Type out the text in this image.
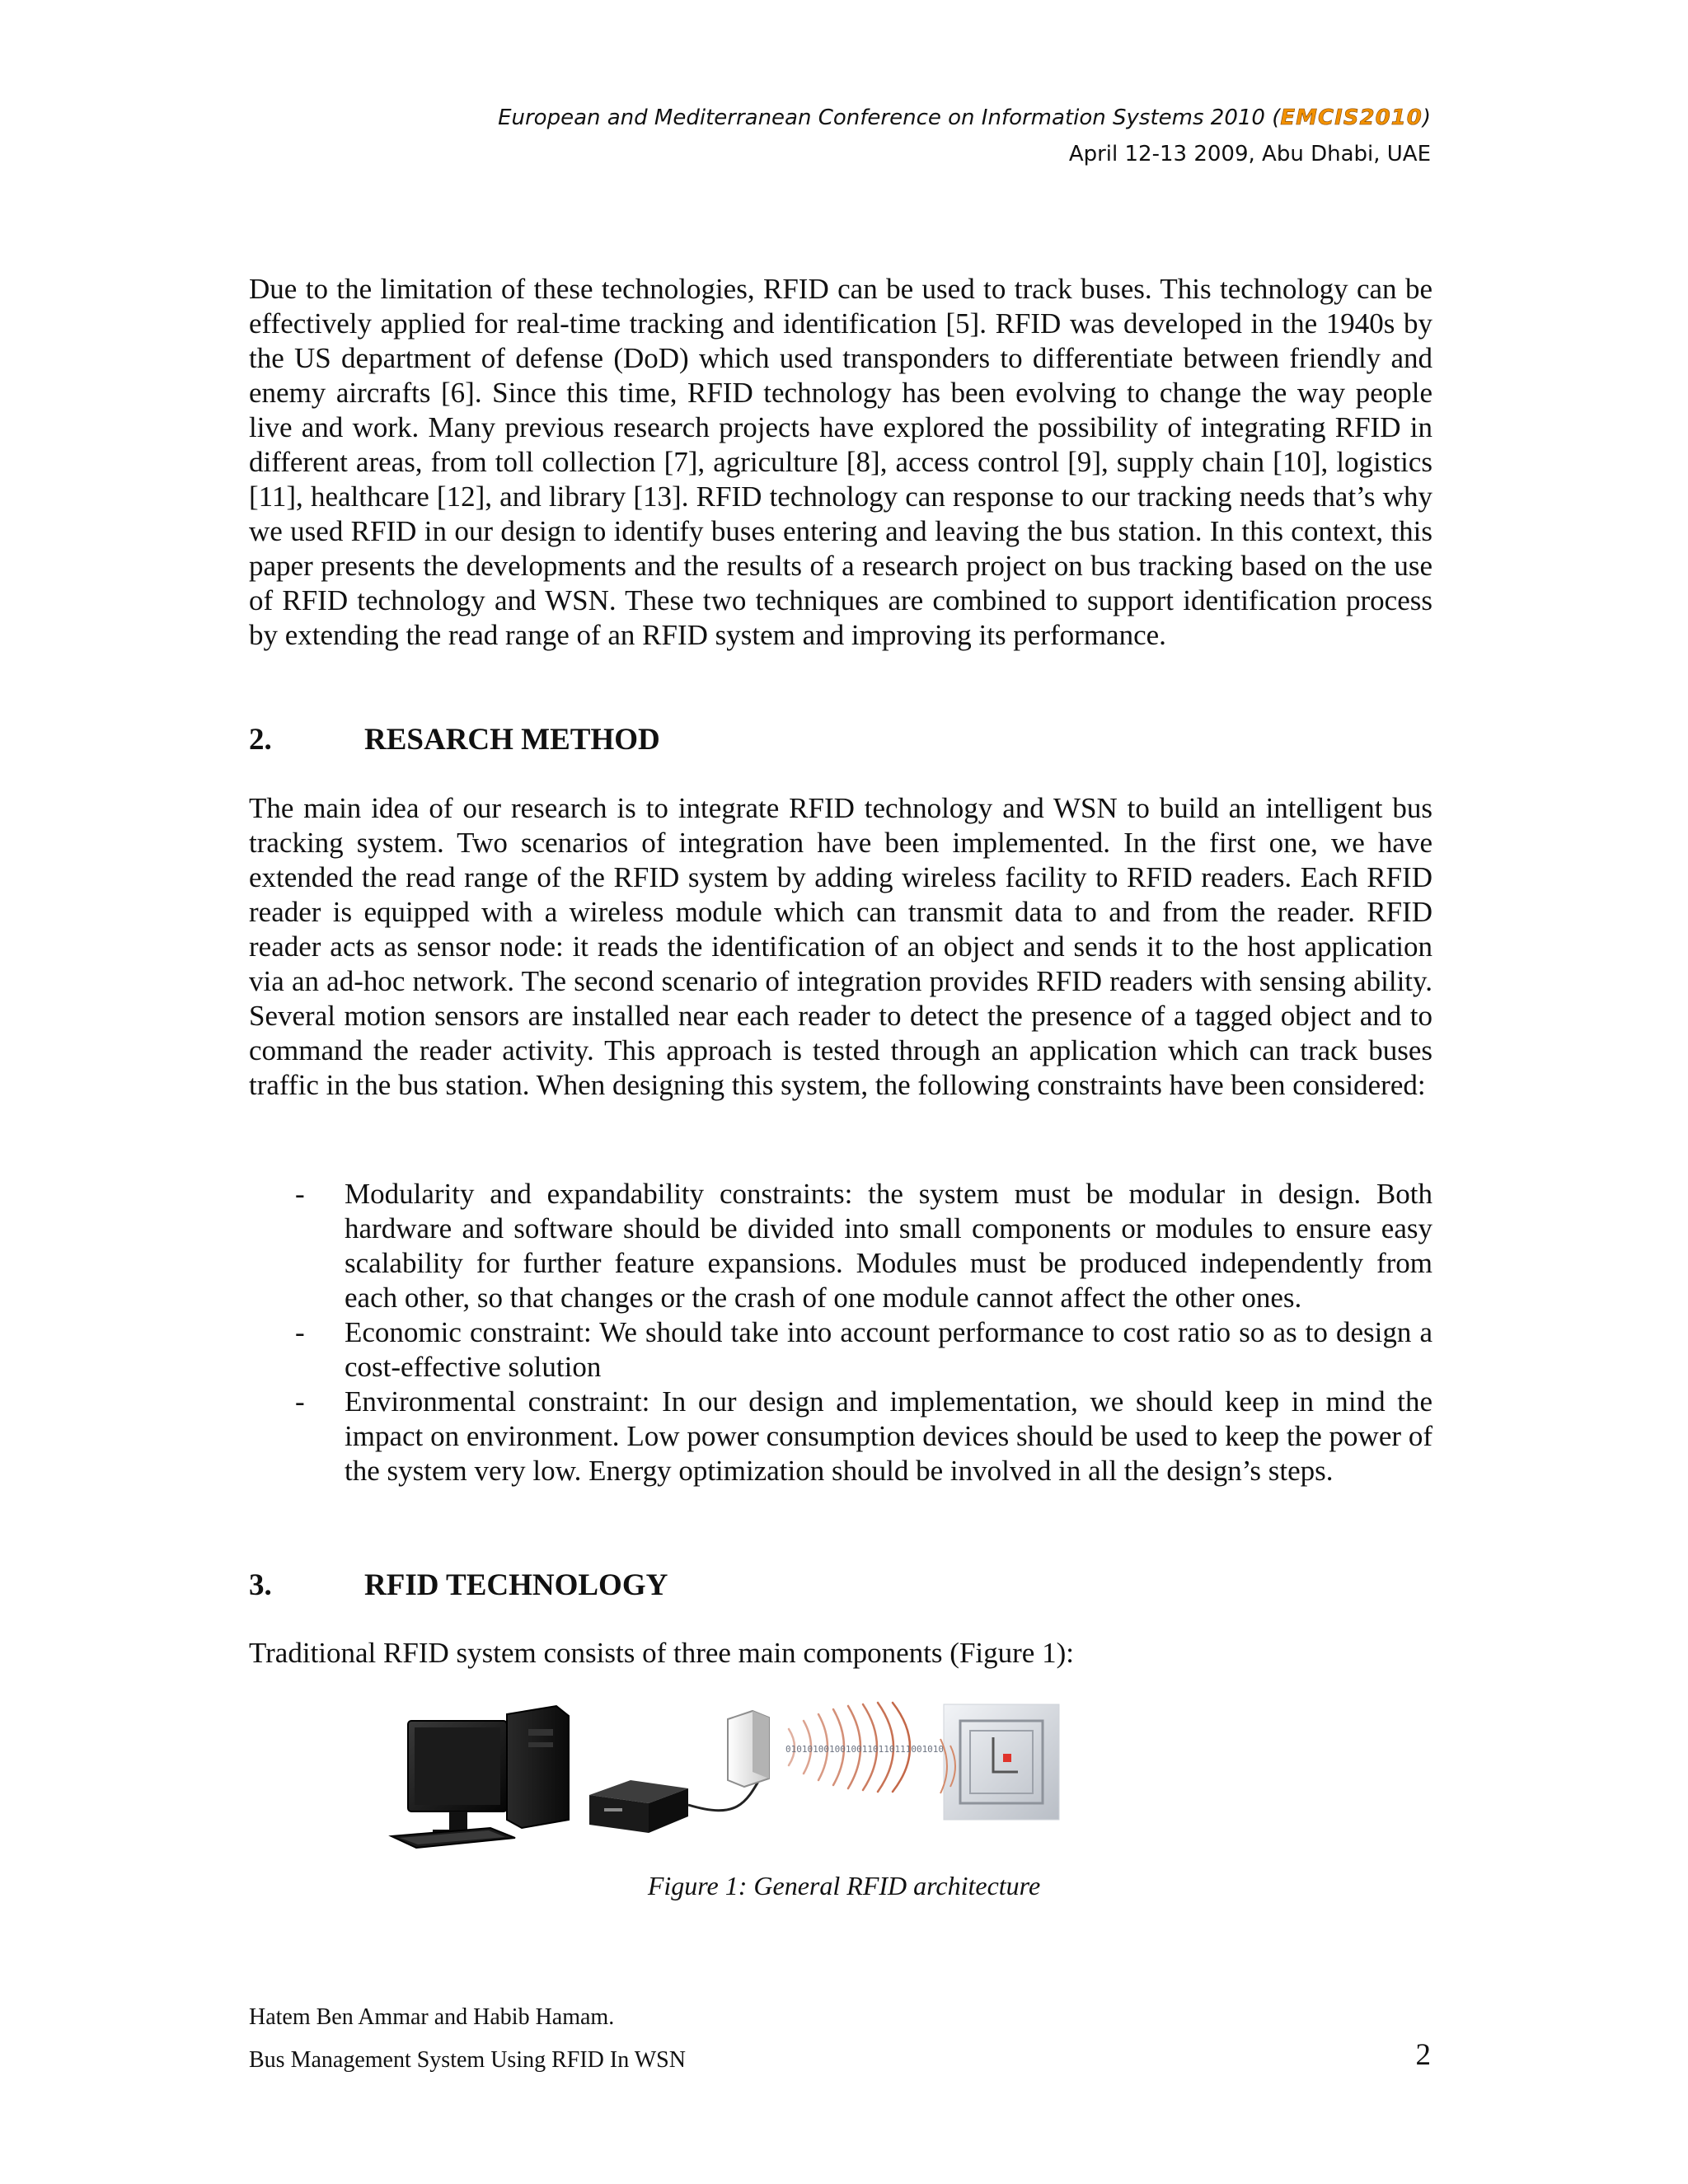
European and Mediterranean Conference on Information Systems 2010 (EMCIS2010)
April 12-13 2009, Abu Dhabi, UAE

Due to the limitation of these technologies, RFID can be used to track buses. This technology can be effectively applied for real-time tracking and identification [5]. RFID was developed in the 1940s by the US department of defense (DoD) which used transponders to differentiate between friendly and enemy aircrafts [6]. Since this time, RFID technology has been evolving to change the way people live and work. Many previous research projects have explored the possibility of integrating RFID in different areas, from toll collection [7], agriculture [8], access control [9], supply chain [10], logistics [11], healthcare [12], and library [13]. RFID technology can response to our tracking needs that’s why we used RFID in our design to identify buses entering and leaving the bus station. In this context, this paper presents the developments and the results of a research project on bus tracking based on the use of RFID technology and WSN. These two techniques are combined to support identification process by extending the read range of an RFID system and improving its performance.

2.	RESARCH METHOD

The main idea of our research is to integrate RFID technology and WSN to build an intelligent bus tracking system. Two scenarios of integration have been implemented. In the first one, we have extended the read range of the RFID system by adding wireless facility to RFID readers. Each RFID reader is equipped with a wireless module which can transmit data to and from the reader. RFID reader acts as sensor node: it reads the identification of an object and sends it to the host application via an ad-hoc network. The second scenario of integration provides RFID readers with sensing ability. Several motion sensors are installed near each reader to detect the presence of a tagged object and to command the reader activity. This approach is tested through an application which can track buses traffic in the bus station. When designing this system, the following constraints have been considered:

- Modularity and expandability constraints: the system must be modular in design. Both hardware and software should be divided into small components or modules to ensure easy scalability for further feature expansions. Modules must be produced independently from each other, so that changes or the crash of one module cannot affect the other ones.
- Economic constraint: We should take into account performance to cost ratio so as to design a cost-effective solution
- Environmental constraint: In our design and implementation, we should keep in mind the impact on environment. Low power consumption devices should be used to keep the power of the system very low. Energy optimization should be involved in all the design’s steps.
3.	RFID TECHNOLOGY

Traditional RFID system consists of three main components (Figure 1):

01010100100100110110111001010
Figure 1: General RFID architecture
Hatem Ben Ammar and Habib Hamam.
Bus Management System Using RFID In WSN	2
